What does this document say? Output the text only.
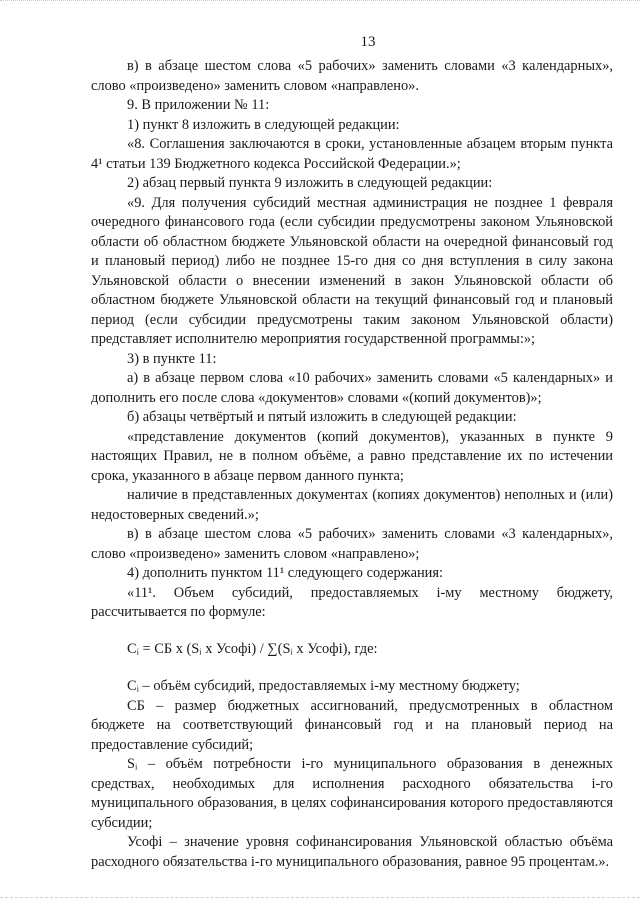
13

в) в абзаце шестом слова «5 рабочих» заменить словами «3 календарных», слово «произведено» заменить словом «направлено».

9. В приложении № 11:

1) пункт 8 изложить в следующей редакции:

«8. Соглашения заключаются в сроки, установленные абзацем вторым пункта 4¹ статьи 139 Бюджетного кодекса Российской Федерации.»;

2) абзац первый пункта 9 изложить в следующей редакции:

«9. Для получения субсидий местная администрация не позднее 1 февраля очередного финансового года (если субсидии предусмотрены законом Ульяновской области об областном бюджете Ульяновской области на очередной финансовый год и плановый период) либо не позднее 15-го дня со дня вступления в силу закона Ульяновской области о внесении изменений в закон Ульяновской области об областном бюджете Ульяновской области на текущий финансовый год и плановый период (если субсидии предусмотрены таким законом Ульяновской области) представляет исполнителю мероприятия государственной программы:»;

3) в пункте 11:

а) в абзаце первом слова «10 рабочих» заменить словами «5 календарных» и дополнить его после слова «документов» словами «(копий документов)»;

б) абзацы четвёртый и пятый изложить в следующей редакции:

«представление документов (копий документов), указанных в пункте 9 настоящих Правил, не в полном объёме, а равно представление их по истечении срока, указанного в абзаце первом данного пункта;

наличие в представленных документах (копиях документов) неполных и (или) недостоверных сведений.»;

в) в абзаце шестом слова «5 рабочих» заменить словами «3 календарных», слово «произведено» заменить словом «направлено»;

4) дополнить пунктом 11¹ следующего содержания:

«11¹. Объем субсидий, предоставляемых i-му местному бюджету, рассчитывается по формуле:

Cᵢ = СБ х (Sᵢ х Усофi) / ∑(Sᵢ х Усофi), где:

Cᵢ – объём субсидий, предоставляемых i-му местному бюджету;

СБ – размер бюджетных ассигнований, предусмотренных в областном бюджете на соответствующий финансовый год и на плановый период на предоставление субсидий;

Sᵢ – объём потребности i-го муниципального образования в денежных средствах, необходимых для исполнения расходного обязательства i-го муниципального образования, в целях софинансирования которого предоставляются субсидии;

Усофi – значение уровня софинансирования Ульяновской областью объёма расходного обязательства i-го муниципального образования, равное 95 процентам.».
